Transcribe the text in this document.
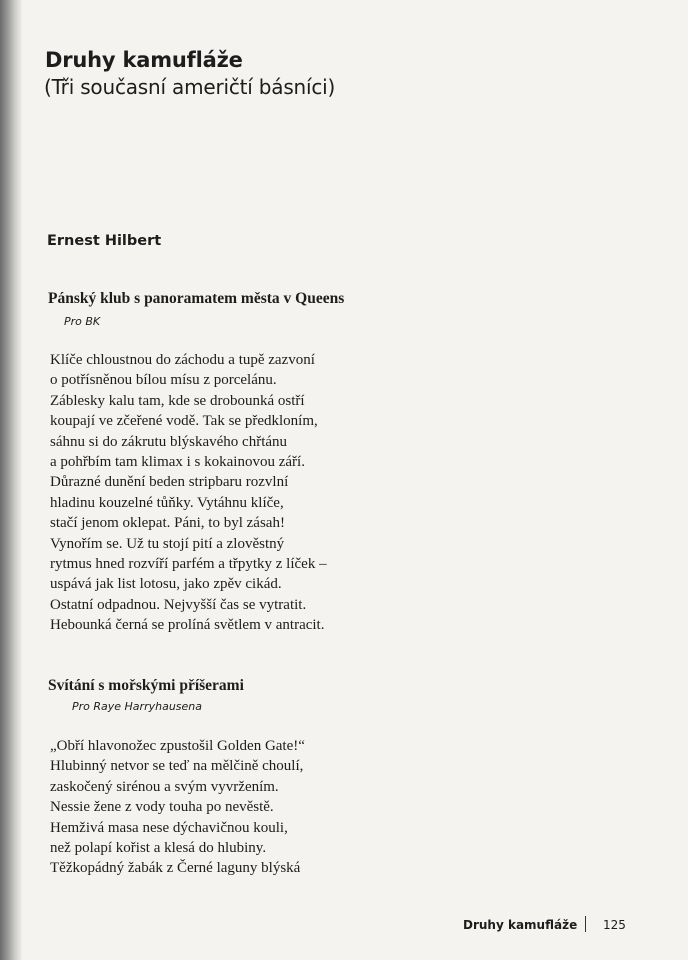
Druhy kamufláže
(Tři současní američtí básníci)
Ernest Hilbert
Pánský klub s panoramatem města v Queens
Pro BK
Klíče chloustnou do záchodu a tupě zazvoní
o potřísněnou bílou mísu z porcelánu.
Záblesky kalu tam, kde se drobounká ostří
koupají ve zčeřené vodě. Tak se předkloním,
sáhnu si do zákrutu blýskavého chřtánu
a pohřbím tam klimax i s kokainovou září.
Důrazné dunění beden stripbaru rozvlní
hladinu kouzelné tůňky. Vytáhnu klíče,
stačí jenom oklepat. Páni, to byl zásah!
Vynořím se. Už tu stojí pití a zlověstný
rytmus hned rozvíří parfém a třpytky z líček –
uspává jak list lotosu, jako zpěv cikád.
Ostatní odpadnou. Nejvyšší čas se vytratit.
Hebounká černá se prolíná světlem v antracit.
Svítání s mořskými příšerami
Pro Raye Harryhausena
„Obří hlavonožec zpustošil Golden Gate!“
Hlubinný netvor se teď na mělčině choulí,
zaskočený sirénou a svým vyvržením.
Nessie žene z vody touha po nevěstě.
Hemživá masa nese dýchavičnou kouli,
než polapí kořist a klesá do hlubiny.
Těžkopádný žabák z Černé laguny blýská
Druhy kamufláže 125
